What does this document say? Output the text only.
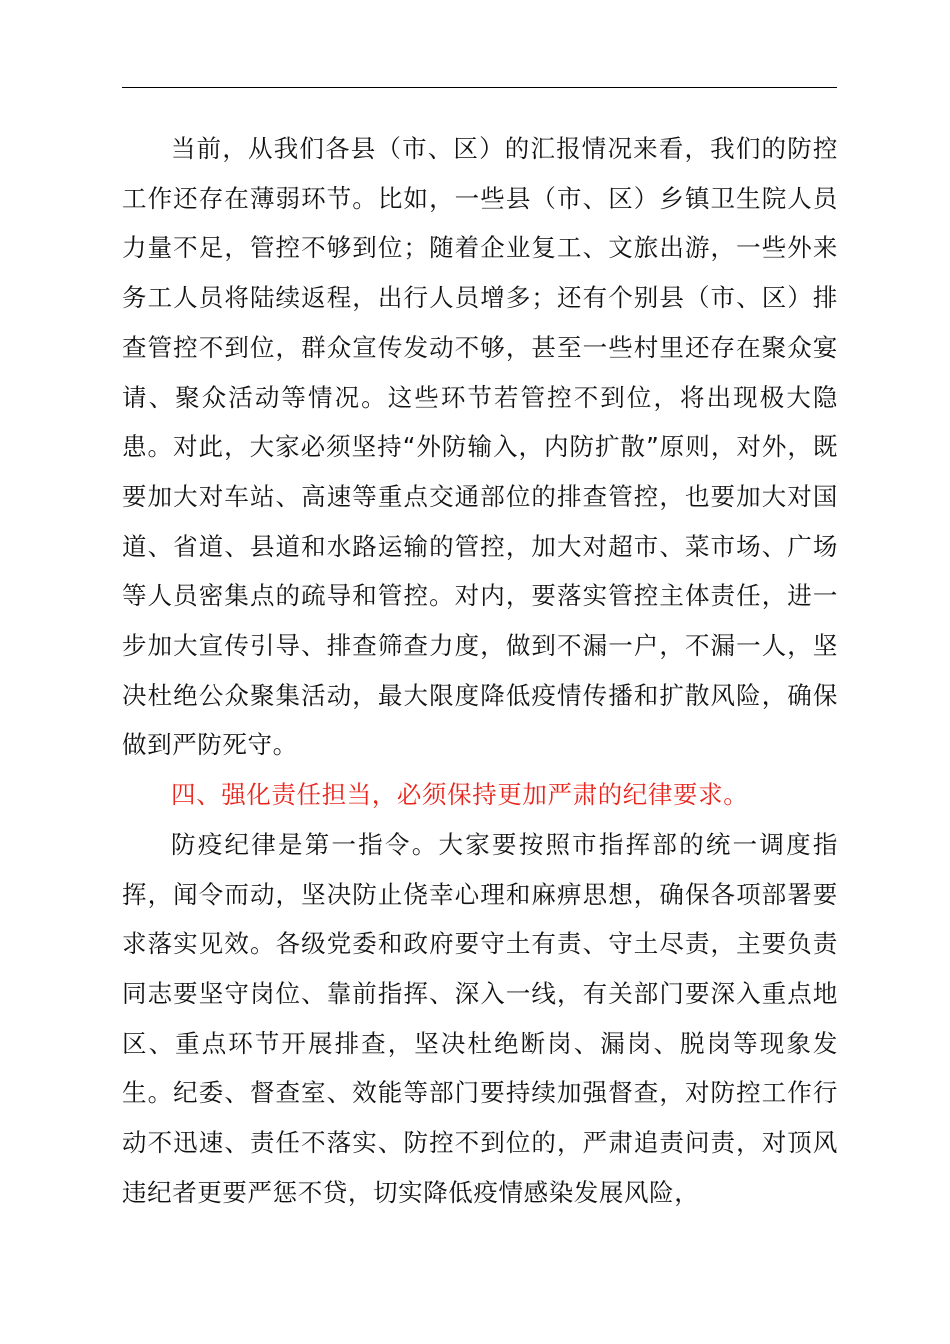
当前，从我们各县（市、区）的汇报情况来看，我们的防控工作还存在薄弱环节。比如，一些县（市、区）乡镇卫生院人员力量不足，管控不够到位；随着企业复工、文旅出游，一些外来务工人员将陆续返程，出行人员增多；还有个别县（市、区）排查管控不到位，群众宣传发动不够，甚至一些村里还存在聚众宴请、聚众活动等情况。这些环节若管控不到位，将出现极大隐患。对此，大家必须坚持“外防输入，内防扩散”原则，对外，既要加大对车站、高速等重点交通部位的排查管控，也要加大对国道、省道、县道和水路运输的管控，加大对超市、菜市场、广场等人员密集点的疏导和管控。对内，要落实管控主体责任，进一步加大宣传引导、排查筛查力度，做到不漏一户，不漏一人，坚决杜绝公众聚集活动，最大限度降低疫情传播和扩散风险，确保做到严防死守。

四、强化责任担当，必须保持更加严肃的纪律要求。

防疫纪律是第一指令。大家要按照市指挥部的统一调度指挥，闻令而动，坚决防止侥幸心理和麻痹思想，确保各项部署要求落实见效。各级党委和政府要守土有责、守土尽责，主要负责同志要坚守岗位、靠前指挥、深入一线，有关部门要深入重点地区、重点环节开展排查，坚决杜绝断岗、漏岗、脱岗等现象发生。纪委、督查室、效能等部门要持续加强督查，对防控工作行动不迅速、责任不落实、防控不到位的，严肃追责问责，对顶风违纪者更要严惩不贷，切实降低疫情感染发展风险，
